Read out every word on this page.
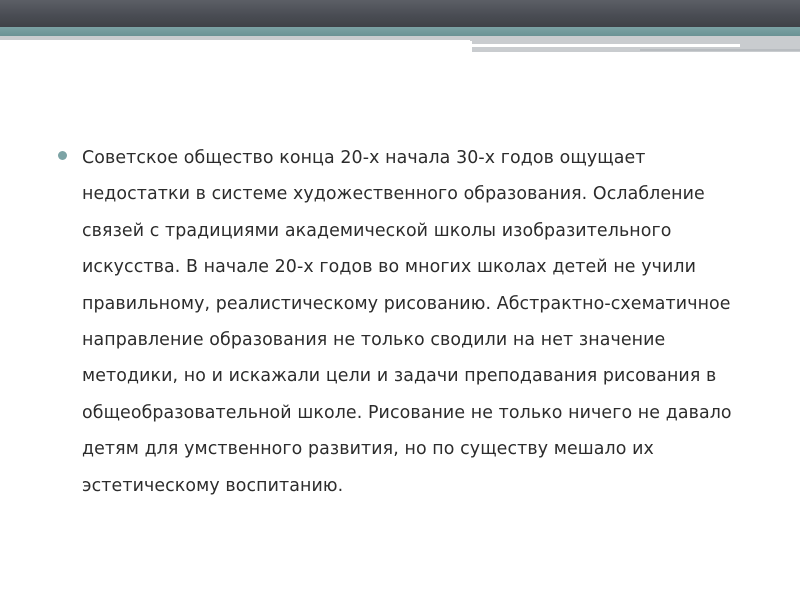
Советское общество конца 20-х начала 30-х годов ощущает недостатки в системе художественного образования. Ослабление связей с традициями академической школы изобразительного искусства. В начале 20-х годов во многих школах детей не учили правильному, реалистическому рисованию. Абстрактно-схематичное направление образования не только сводили на нет значение методики, но и искажали цели и задачи преподавания рисования в общеобразовательной школе. Рисование не только ничего не давало детям для умственного развития, но по существу мешало их эстетическому воспитанию.
